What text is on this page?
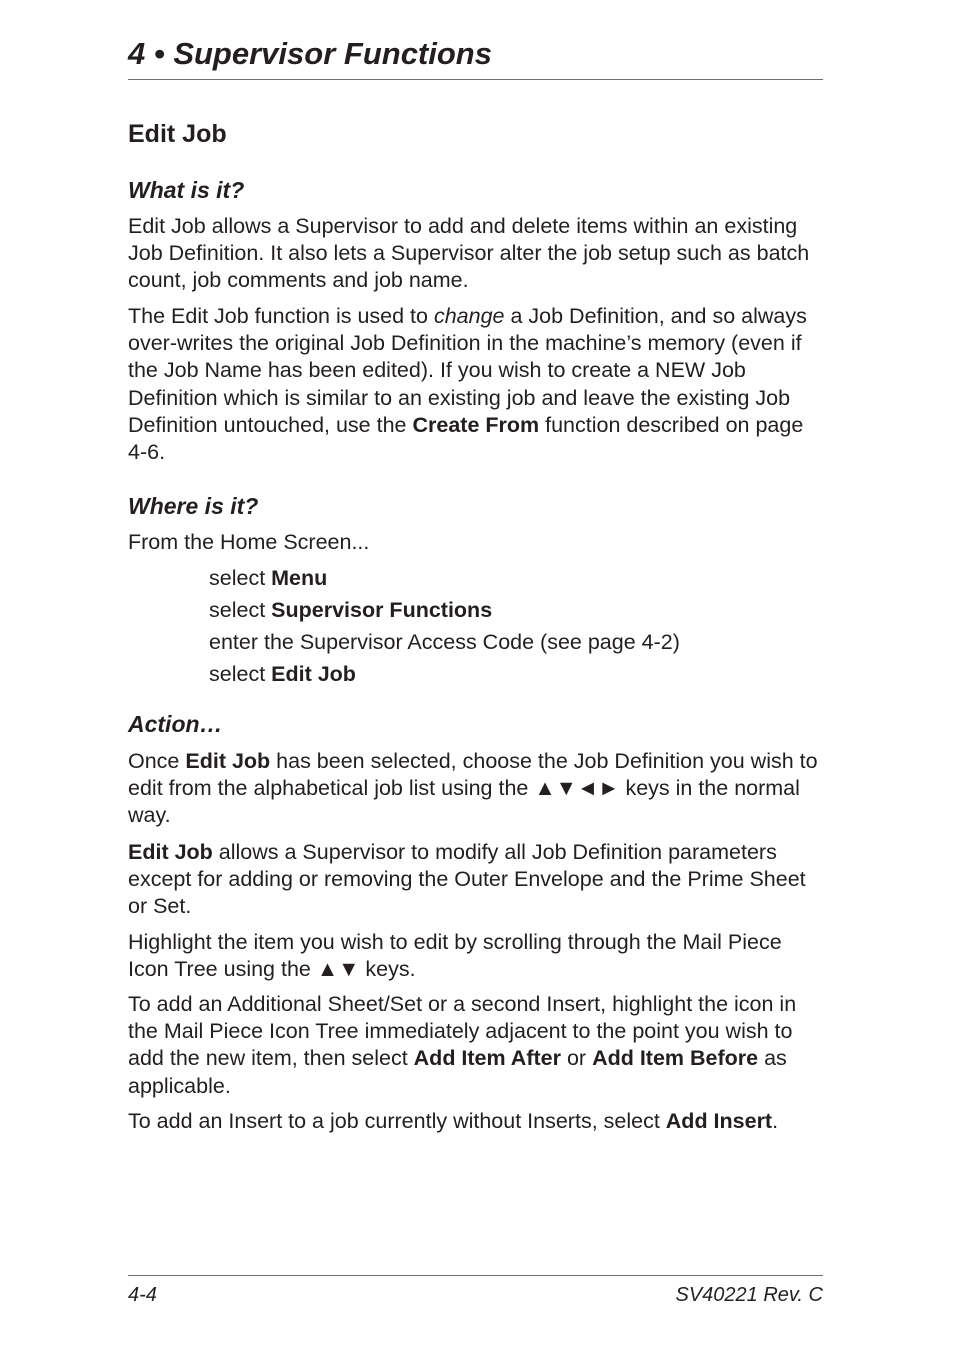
4 • Supervisor Functions
Edit Job
What is it?

Edit Job allows a Supervisor to add and delete items within an existing Job Definition. It also lets a Supervisor alter the job setup such as batch count, job comments and job name.

The Edit Job function is used to change a Job Definition, and so always over-writes the original Job Definition in the machine’s memory (even if the Job Name has been edited). If you wish to create a NEW Job Definition which is similar to an existing job and leave the existing Job Definition untouched, use the Create From function described on page 4-6.

Where is it?

From the Home Screen...

select Menu

select Supervisor Functions

enter the Supervisor Access Code (see page 4-2)

select Edit Job

Action…

Once Edit Job has been selected, choose the Job Definition you wish to edit from the alphabetical job list using the ▲▼◄► keys in the normal way.

Edit Job allows a Supervisor to modify all Job Definition parameters except for adding or removing the Outer Envelope and the Prime Sheet or Set.

Highlight the item you wish to edit by scrolling through the Mail Piece Icon Tree using the ▲▼ keys.

To add an Additional Sheet/Set or a second Insert, highlight the icon in the Mail Piece Icon Tree immediately adjacent to the point you wish to add the new item, then select Add Item After or Add Item Before as applicable.

To add an Insert to a job currently without Inserts, select Add Insert.

4-4	SV40221 Rev. C
